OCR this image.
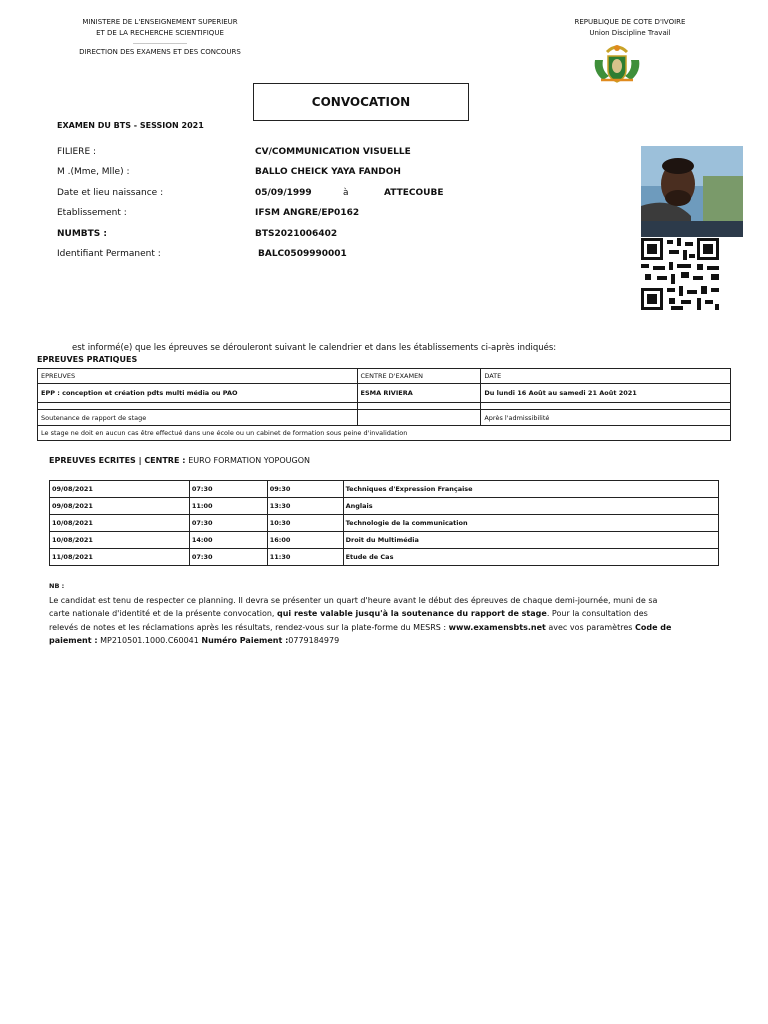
MINISTERE DE L'ENSEIGNEMENT SUPERIEUR
ET DE LA RECHERCHE SCIENTIFIQUE
………………………
DIRECTION DES EXAMENS ET DES CONCOURS
REPUBLIQUE DE COTE D'IVOIRE
Union Discipline Travail
CONVOCATION
EXAMEN DU BTS - SESSION 2021
FILIERE :	CV/COMMUNICATION VISUELLE
M .(Mme, Mlle) :	BALLO CHEICK YAYA FANDOH
Date et lieu naissance :	05/09/1999	à	ATTECOUBE
Etablissement :	IFSM ANGRE/EP0162
NUMBTS :	BTS2021006402
Identifiant Permanent :	BALC0509990001
est informé(e) que les épreuves se dérouleront suivant le calendrier et dans les établissements ci-après indiqués:
EPREUVES PRATIQUES
EPREUVES	CENTRE D'EXAMEN	DATE
EPP : conception et création pdts multi média ou PAO	ESMA RIVIERA	Du lundi 16 Août au samedi 21 Août 2021

Soutenance de rapport de stage		Après l'admissibilité
Le stage ne doit en aucun cas être effectué dans une école ou un cabinet de formation sous peine d'invalidation		
EPREUVES ECRITES | CENTRE : EURO FORMATION YOPOUGON
09/08/2021	07:30	09:30	Techniques d'Expression Française
09/08/2021	11:00	13:30	Anglais
10/08/2021	07:30	10:30	Technologie de la communication
10/08/2021	14:00	16:00	Droit du Multimédia
11/08/2021	07:30	11:30	Etude de Cas
NB :
Le candidat est tenu de respecter ce planning. Il devra se présenter un quart d'heure avant le début des épreuves de chaque demi-journée, muni de sa carte nationale d'identité et de la présente convocation, qui reste valable jusqu'à la soutenance du rapport de stage. Pour la consultation des relevés de notes et les réclamations après les résultats, rendez-vous sur la plate-forme du MESRS : www.examensbts.net avec vos paramètres Code de paiement : MP210501.1000.C60041 Numéro Paiement :0779184979
